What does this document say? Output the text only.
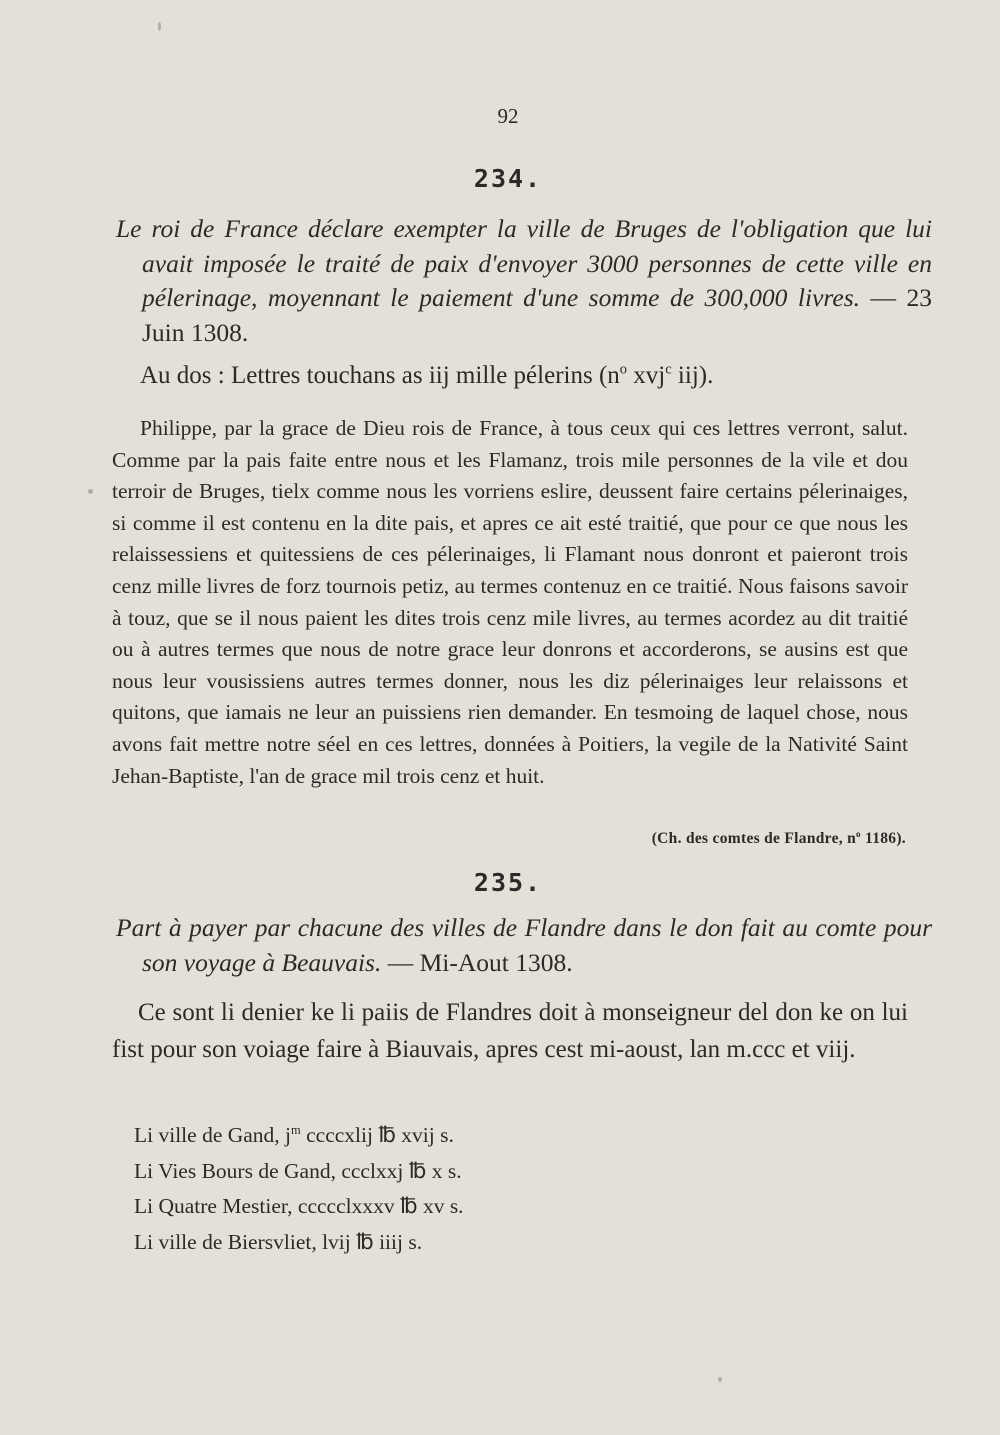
92
234.
Le roi de France déclare exempter la ville de Bruges de l'obligation que lui avait imposée le traité de paix d'envoyer 3000 personnes de cette ville en pélerinage, moyennant le paiement d'une somme de 300,000 livres. — 23 Juin 1308.
Au dos : Lettres touchans as iij mille pélerins ($n^o$ xvj$^c$ iij).
Philippe, par la grace de Dieu rois de France, à tous ceux qui ces lettres verront, salut. Comme par la pais faite entre nous et les Flamanz, trois mile personnes de la vile et dou terroir de Bruges, tielx comme nous les vorriens eslire, deussent faire certains pélerinaiges, si comme il est contenu en la dite pais, et apres ce ait esté traitié, que pour ce que nous les relaissessiens et quitessiens de ces pélerinaiges, li Flamant nous donront et paieront trois cenz mille livres de forz tournois petiz, au termes contenuz en ce traitié. Nous faisons savoir à touz, que se il nous paient les dites trois cenz mile livres, au termes acordez au dit traitié ou à autres termes que nous de notre grace leur donrons et accorderons, se ausins est que nous leur vousissiens autres termes donner, nous les diz pélerinaiges leur relaissons et quitons, que iamais ne leur an puissiens rien demander. En tesmoing de laquel chose, nous avons fait mettre notre séel en ces lettres, données à Poitiers, la vegile de la Nativité Saint Jehan-Baptiste, l'an de grace mil trois cenz et huit.
(Ch. des comtes de Flandre, $n^o$ 1186).
235.
Part à payer par chacune des villes de Flandre dans le don fait au comte pour son voyage à Beauvais. — Mi-Aout 1308.
Ce sont li denier ke li paiis de Flandres doit à monseigneur del don ke on lui fist pour son voiage faire à Biauvais, apres cest mi-aoust, lan m.ccc et viij.
Li ville de Gand, $j^m$ ccccxlij ℔ xvij s.
Li Vies Bours de Gand, ccclxxj ℔ x s.
Li Quatre Mestier, ccccclxxxv ℔ xv s.
Li ville de Biersvliet, lvij ℔ iiij s.
